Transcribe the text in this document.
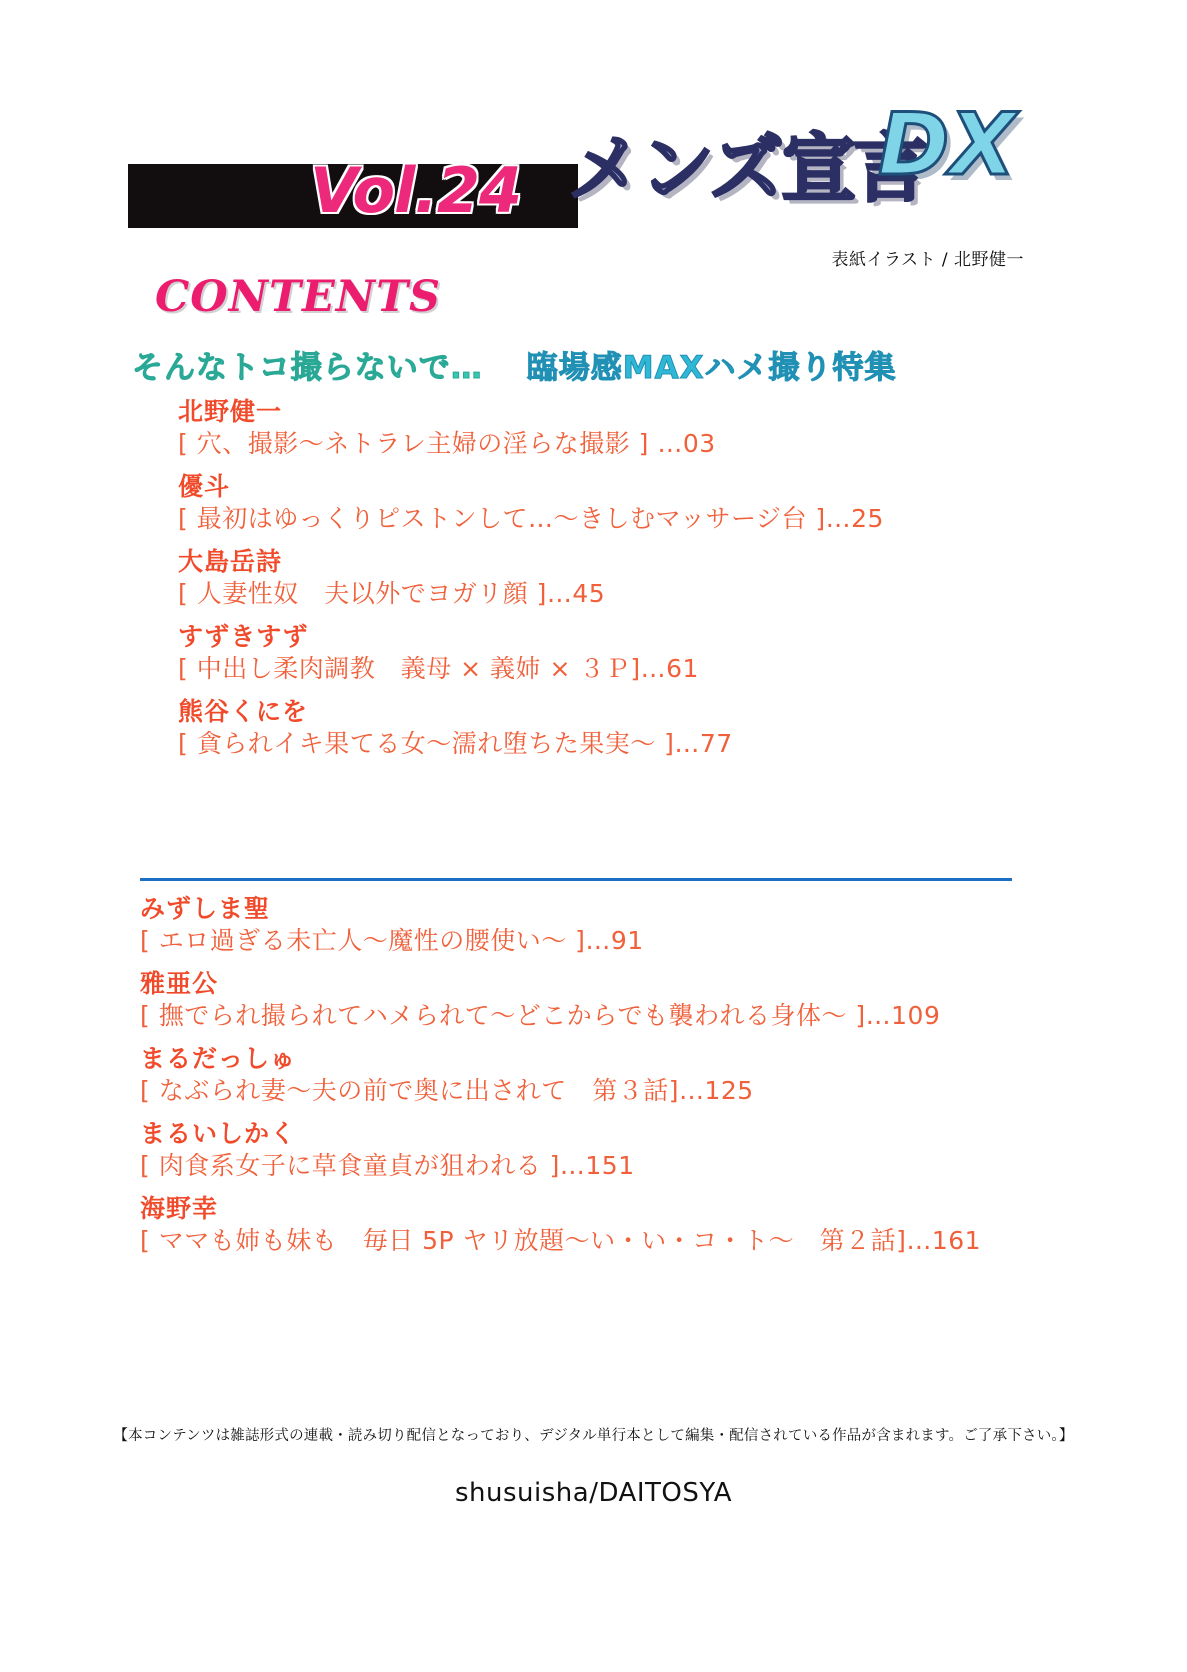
Vol.24 メンズ宣言
DX
表紙イラスト / 北野健一
CONTENTS
そんなトコ撮らないで… 臨場感MAXハメ撮り特集
北野健一
[ 穴、撮影〜ネトラレ主婦の淫らな撮影 ] …03
優斗
[ 最初はゆっくりピストンして…〜きしむマッサージ台 ]…25
大島岳詩
[ 人妻性奴　夫以外でヨガリ顔 ]…45
すずきすず
[ 中出し柔肉調教　義母 × 義姉 × ３Ｐ]…61
熊谷くにを
[ 貪られイキ果てる女〜濡れ堕ちた果実〜 ]…77
みずしま聖
[ エロ過ぎる未亡人〜魔性の腰使い〜 ]…91
雅亜公
[ 撫でられ撮られてハメられて〜どこからでも襲われる身体〜 ]…109
まるだっしゅ
[ なぶられ妻〜夫の前で奥に出されて　第３話]…125
まるいしかく
[ 肉食系女子に草食童貞が狙われる ]…151
海野幸
[ ママも姉も妹も　毎日 5P ヤリ放題〜い・い・コ・ト〜　第２話]…161
【本コンテンツは雑誌形式の連載・読み切り配信となっており、デジタル単行本として編集・配信されている作品が含まれます。ご了承下さい。】
shusuisha/DAITOSYA
